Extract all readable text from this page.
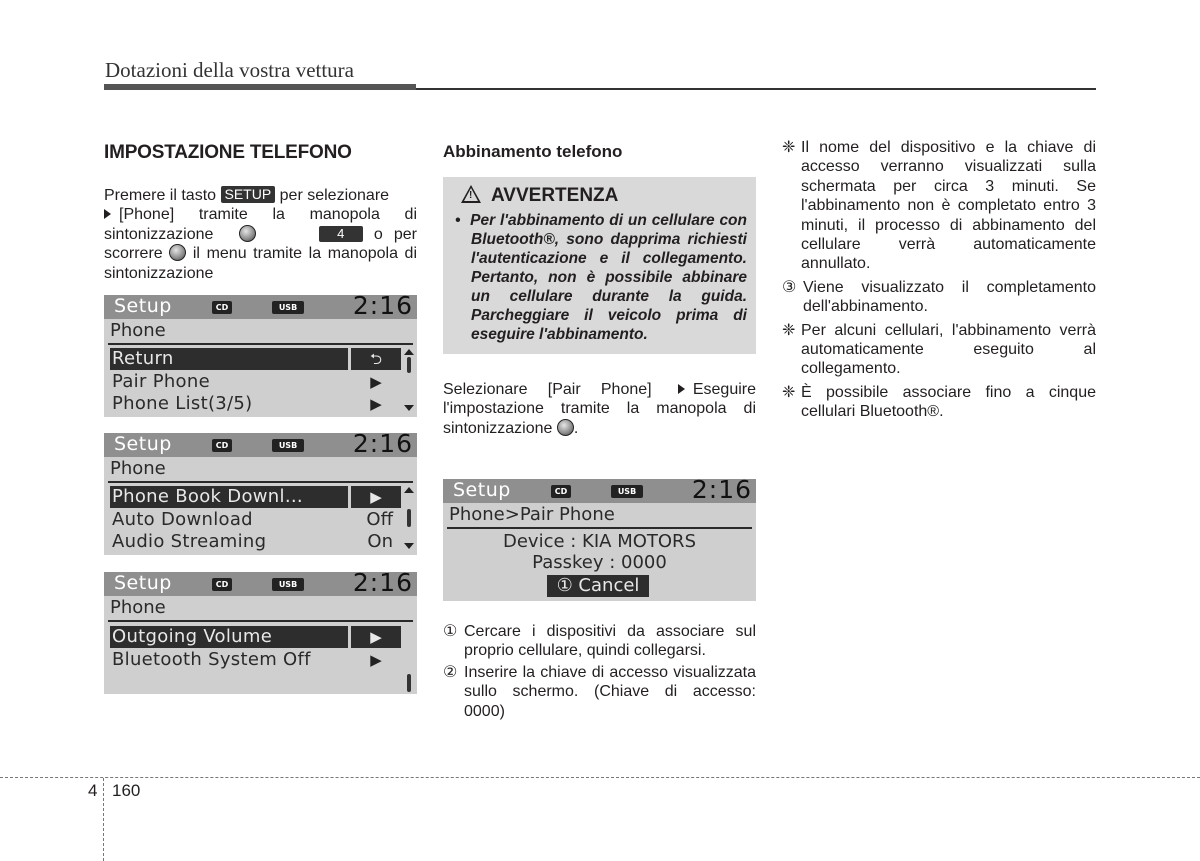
Dotazioni della vostra vettura
IMPOSTAZIONE TELEFONO

Premere il tasto SETUP per selezionare
[Phone] tramite la manopola di sintonizzazione	4 o per scorrere il menu tramite la manopola di sintonizzazione

Setup	CD	USB 2:16
Phone
Return	⮌
Pair Phone	▶
Phone List(3/5)	▶
Setup	CD	USB 2:16
Phone
Phone Book Downl…	▶
Auto Download	Off
Audio Streaming	On
Setup	CD	USB 2:16
Phone
Outgoing Volume	▶
Bluetooth System Off	▶
Abbinamento telefono
! AVVERTENZA
•  Per l'abbinamento di un cellulare con Bluetooth®, sono dapprima richiesti l'autenticazione e il collegamento. Pertanto, non è possibile abbinare un cellulare durante la guida. Parcheggiare il veicolo prima di eseguire l'abbinamento.

Selezionare [Pair Phone]	Eseguire l'impostazione tramite la manopola di sintonizzazione .

Setup	CD	USB 2:16
Phone>Pair Phone
Device : KIA MOTORS
Passkey : 0000
① Cancel
① Cercare i dispositivi da associare sul proprio cellulare, quindi collegarsi.
② Inserire la chiave di accesso visualizzata sullo schermo. (Chiave di accesso: 0000)
❈ Il nome del dispositivo e la chiave di accesso verranno visualizzati sulla schermata per circa 3 minuti. Se l'abbinamento non è completato entro 3 minuti, il processo di abbinamento del cellulare verrà automaticamente annullato.
③ Viene visualizzato il completamento dell'abbinamento.
❈ Per alcuni cellulari, l'abbinamento verrà automaticamente eseguito al collegamento.
❈ È possibile associare fino a cinque cellulari Bluetooth®.
4 160
